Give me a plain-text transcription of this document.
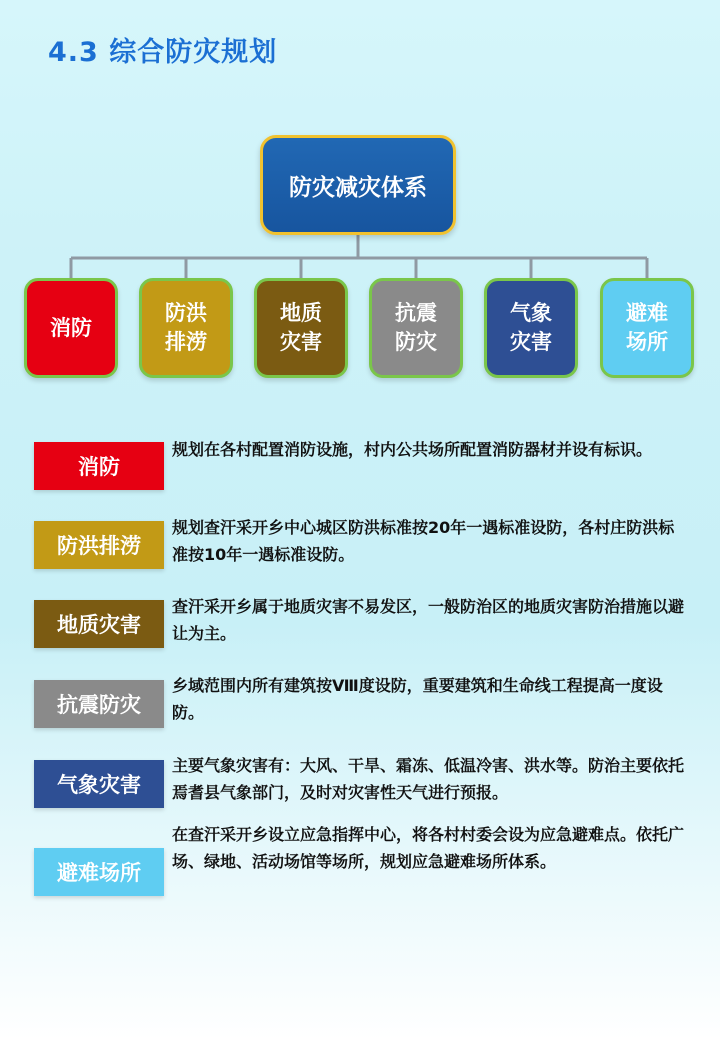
4.3 综合防灾规划
防灾减灾体系
消防
防洪
排涝
地质
灾害
抗震
防灾
气象
灾害
避难
场所
消防
规划在各村配置消防设施，村内公共场所配置消防器材并设有标识。
防洪排涝
规划查汗采开乡中心城区防洪标准按20年一遇标准设防，各村庄防洪标准按10年一遇标准设防。
地质灾害
查汗采开乡属于地质灾害不易发区，一般防治区的地质灾害防治措施以避让为主。
抗震防灾
乡域范围内所有建筑按Ⅷ度设防，重要建筑和生命线工程提高一度设防。
气象灾害
主要气象灾害有：大风、干旱、霜冻、低温冷害、洪水等。防治主要依托焉耆县气象部门，及时对灾害性天气进行预报。
避难场所
在查汗采开乡设立应急指挥中心，将各村村委会设为应急避难点。依托广场、绿地、活动场馆等场所，规划应急避难场所体系。
